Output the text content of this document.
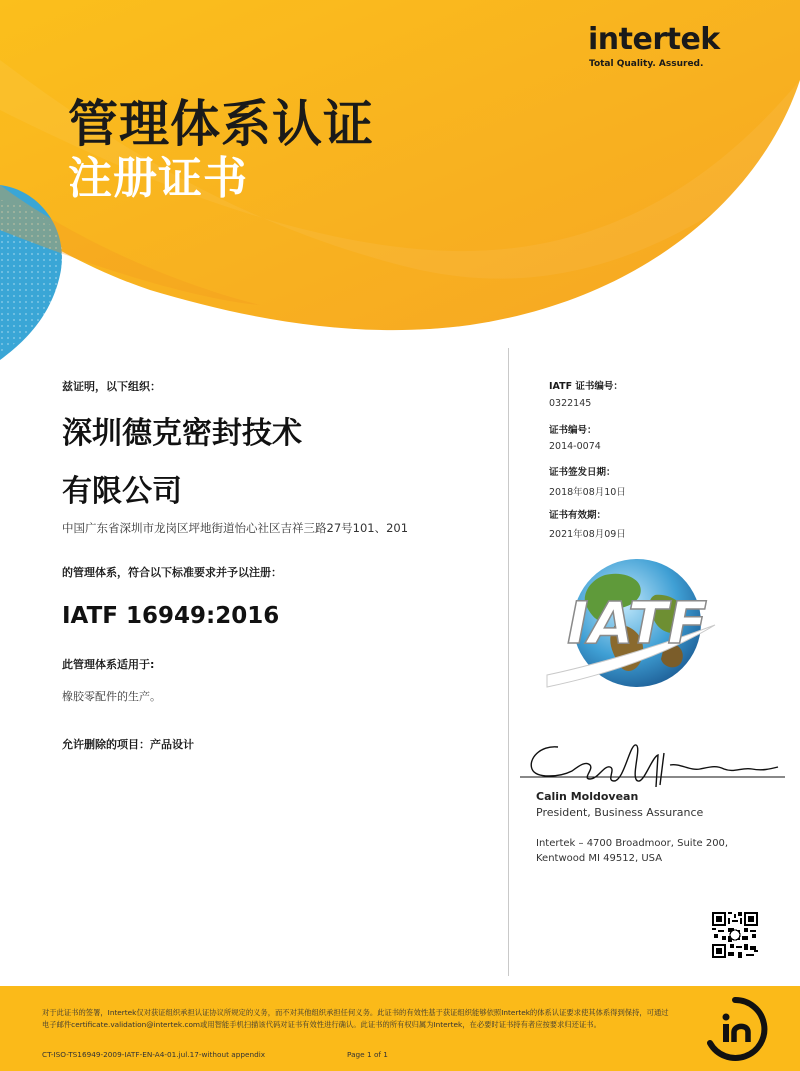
intertek
Total Quality. Assured.
管理体系认证
注册证书
兹证明，以下组织：
深圳德克密封技术
有限公司
中国广东省深圳市龙岗区坪地街道怡心社区吉祥三路27号101、201
的管理体系，符合以下标准要求并予以注册：
IATF 16949:2016
此管理体系适用于:
橡胶零配件的生产。
允许删除的项目：产品设计
IATF 证书编号：
0322145
证书编号：
2014-0074
证书签发日期：
2018年08月10日
证书有效期：
2021年08月09日
IATF
Calin Moldovean
President, Business Assurance
Intertek – 4700 Broadmoor, Suite 200,
Kentwood MI 49512, USA
对于此证书的签署，Intertek仅对获证组织承担认证协议所规定的义务，而不对其他组织承担任何义务。此证书的有效性基于获证组织能够依照Intertek的体系认证要求使其体系得到保持，可通过电子邮件certificate.validation@intertek.com或用智能手机扫描该代码对证书有效性进行确认。此证书的所有权归属为Intertek，在必要时证书持有者应按要求归还证书。
CT-ISO-TS16949-2009-IATF-EN-A4-01.jul.17-without appendix	Page 1 of 1
